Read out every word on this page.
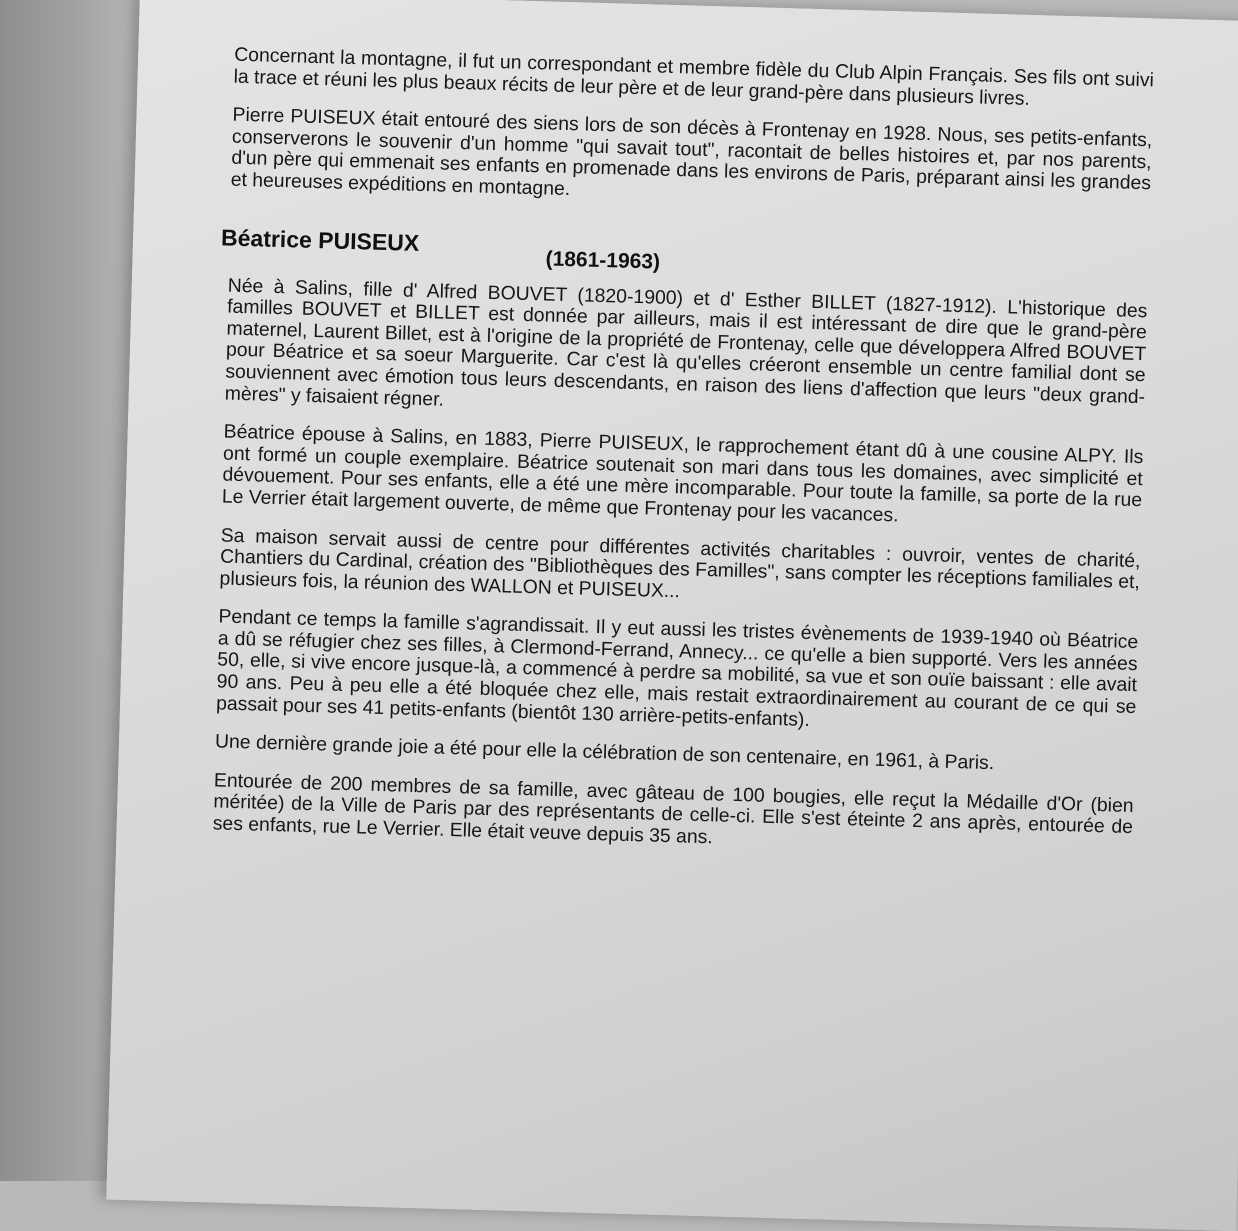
Concernant la montagne, il fut un correspondant et membre fidèle du Club Alpin Français. Ses fils ont suivi la trace et réuni les plus beaux récits de leur père et de leur grand-père dans plusieurs livres.

Pierre PUISEUX était entouré des siens lors de son décès à Frontenay en 1928. Nous, ses petits-enfants, conserverons le souvenir d'un homme "qui savait tout", racontait de belles histoires et, par nos parents, d'un père qui emmenait ses enfants en promenade dans les environs de Paris, préparant ainsi les grandes et heureuses expéditions en montagne.

Béatrice PUISEUX
(1861-1963)

Née à Salins, fille d' Alfred BOUVET (1820-1900) et d' Esther BILLET (1827-1912). L'historique des familles BOUVET et BILLET est donnée par ailleurs, mais il est intéressant de dire que le grand-père maternel, Laurent Billet, est à l'origine de la propriété de Frontenay, celle que développera Alfred BOUVET pour Béatrice et sa soeur Marguerite. Car c'est là qu'elles créeront ensemble un centre familial dont se souviennent avec émotion tous leurs descendants, en raison des liens d'affection que leurs "deux grand-mères" y faisaient régner.

Béatrice épouse à Salins, en 1883, Pierre PUISEUX, le rapprochement étant dû à une cousine ALPY. Ils ont formé un couple exemplaire. Béatrice soutenait son mari dans tous les domaines, avec simplicité et dévouement. Pour ses enfants, elle a été une mère incomparable. Pour toute la famille, sa porte de la rue Le Verrier était largement ouverte, de même que Frontenay pour les vacances.

Sa maison servait aussi de centre pour différentes activités charitables : ouvroir, ventes de charité, Chantiers du Cardinal, création des "Bibliothèques des Familles", sans compter les réceptions familiales et, plusieurs fois, la réunion des WALLON et PUISEUX...

Pendant ce temps la famille s'agrandissait. Il y eut aussi les tristes évènements de 1939-1940 où Béatrice a dû se réfugier chez ses filles, à Clermond-Ferrand, Annecy... ce qu'elle a bien supporté. Vers les années 50, elle, si vive encore jusque-là, a commencé à perdre sa mobilité, sa vue et son ouïe baissant : elle avait 90 ans. Peu à peu elle a été bloquée chez elle, mais restait extraordinairement au courant de ce qui se passait pour ses 41 petits-enfants (bientôt 130 arrière-petits-enfants).

Une dernière grande joie a été pour elle la célébration de son centenaire, en 1961, à Paris.

Entourée de 200 membres de sa famille, avec gâteau de 100 bougies, elle reçut la Médaille d'Or (bien méritée) de la Ville de Paris par des représentants de celle-ci. Elle s'est éteinte 2 ans après, entourée de ses enfants, rue Le Verrier. Elle était veuve depuis 35 ans.
